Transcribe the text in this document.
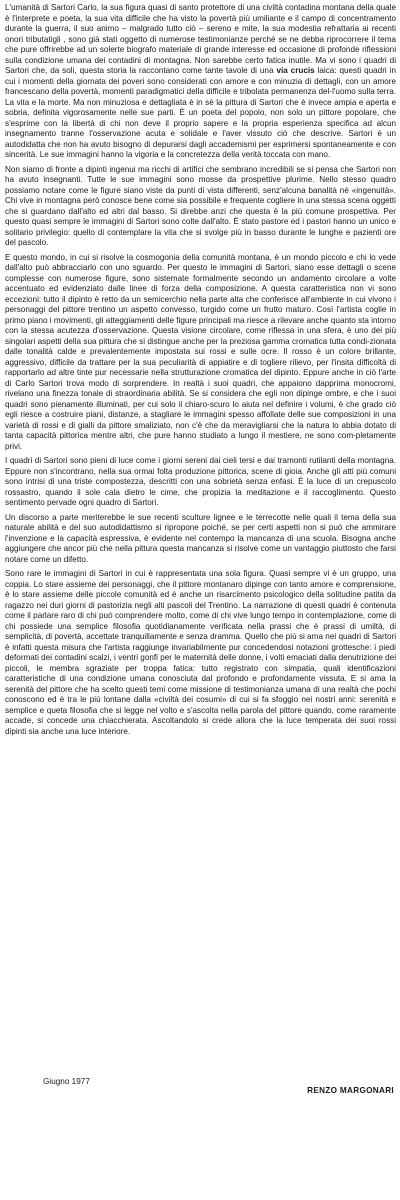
L'umanità di Sartori Carlo, la sua figura quasi di santo protettore di una civiltà contadina montana della quale è l'interprete e poeta, la sua vita difficile che ha visto la povertà più umiliante e il campo di concentramento durante la guerra, il suo animo – malgrado tutto ciò – sereno e mite, la sua modestia refrattaria ai recenti onori tributatigli , sono già stati oggetto di numerose testimonianze perché se ne debba riprocorrere il tema che pure offrirebbe ad un solerte biografo materiale di grande interesse ed occasione di profonde riflessioni sulla condizione umana dei contadini di montagna. Non sarebbe certo fatica inutile. Ma vi sono i quadri di Sartori che, da soli, questa storia la raccontano come tante tavole di una via crucis laica: questi quadri in cui i momenti della giornata dei poveri sono considerati con amore e con minuzia di dettagli, con un amore francescano della povertà, momenti paradigmatici della difficile e tribolata permanenza del-l'uomo sulla terra. La vita e la morte. Ma non minuziosa e dettagliata è in sè la pittura di Sartori che è invece ampia e aperta e sobria, definita vigorosamente nelle sue parti. È un poeta del popolo, non solo un pittore popolare, che s'esprime con la libertà di chi non deve il proprio sapere e la propria esperienza specifica ad alcun insegnamento tranne l'osservazione acuta e solidale e l'aver vissuto ciò che descrive. Sartori è un autodidatta che non ha avuto bisogno di depurarsi dagli accademismi per esprimersi spontaneamente e con sincerità. Le sue immagini hanno la vigoria e la concretezza della verità toccata con mano.

Non siamo di fronte a dipinti ingenui ma ricchi di artifici che sembrano incredibili se si pensa che Sartori non ha avuto insegnanti. Tutte le sue immagini sono mosse da prospettive plurime. Nello stesso quadro possiamo notare come le figure siano viste da punti di vista differenti, senz'alcuna banalità nè «ingenuità». Chi vive in montagna però conosce bene come sia possibile e frequente cogliere in una stessa scena oggetti che si guardano dall'alto ed altri dal basso. Si direbbe anzi che questa è la più comune prospettiva. Per questo quasi sempre le immagini di Sartori sono colte dall'alto. È stato pastore ed i pastori hanno un unico e solitario privilegio: quello di contemplare la vita che si svolge più in basso durante le lunghe e pazienti ore del pascolo.

E questo mondo, in cui si risolve la cosmogonia della comunità montana, è un mondo piccolo e chi lo vede dall'alto può abbracciarlo con uno sguardo. Per questo le immagini di Sartori, siano esse dettagli o scene complesse con numerose figure, sono sistemate formalmente secondo un andamento circolare a volte accentuato ed evidenziato dalle linee di forza della composizione. A questa caratteristica non vi sono eccezioni: tutto il dipinto è retto da un semicerchio nella parte alta che conferisce all'ambiente in cui vivono i personaggi del pittore trentino un aspetto convesso, turgido come un frutto maturo. Così l'artista coglie in primo piano i movimenti, gli atteggiamenti delle figure principali ma riesce a rilevare anche quanto sta intorno con la stessa acutezza d'osservazione. Questa visione circolare, come riflessa in una sfera, è uno dei più singolari aspetti della sua pittura che si distingue anche per la preziosa gamma cromatica tutta condi-zionata dalle tonalità calde e prevalentemente impostata sui rossi e sulle ocre. Il rosso è un colore brillante, aggressivo, difficile da trattare per la sua peculiarità di appiatire e di togliere rilievo, per l'insita difficoltà di rapportarlo ad altre tinte pur necessarie nella strutturazione cromatica del dipinto. Eppure anche in ciò l'arte di Carlo Sartori trova modo di sorprendere. In realtà i suoi quadri, che appaiono dapprima monocromi, rivelano una finezza tonale di straordinaria abilità. Se si considera che egli non dipinge ombre, e che i suoi quadri sono pienamente illuminati, per cui solo il chiaro-scuro lo aiuta nel definire i volumi, è che grado ciò egli riesce a costruire piani, distanze, a stagliare le immagini spesso affollate delle sue composizioni in una varietà di rossi e di gialli da pittore smaliziato, non c'è che da meravigliarsi che la natura lo abbia dotato di tanta capacità pittorica mentre altri, che pure hanno studiato a lungo il mestiere, ne sono com-pletamente privi.

I quadri di Sartori sono pieni di luce come i giorni sereni dai cieli tersi e dai tramonti rutilanti della montagna. Eppure non s'incontrano, nella sua ormai folta produzione pittorica, scene di gioia. Anche gli atti più comuni sono intrisi di una triste compostezza, descritti con una sobrietà senza enfasi. È la luce di un crepuscolo rossastro, quando il sole cala dietro le cime, che propizia la meditazione e il raccoglimento. Questo sentimento pervade ogni quadro di Sartori.

Un discorso a parte meriterebbe le sue recenti sculture lignee e le terrecotte nelle quali il tema della sua naturale abilità e del suo autodidattismo si ripropone poiché, se per certi aspetti non si può che ammirare l'invenzione e la capacità espressiva, è evidente nel contempo la mancanza di una scuola. Bisogna anche aggiungere che ancor più che nella pittura questa mancanza si risolve come un vantaggio piuttosto che farsi notare come un difetto.

Sono rare le immagini di Sartori in cui è rappresentata una sola figura. Quasi sempre vi è un gruppo, una coppia. Lo stare assieme dei personaggi, che il pittore montanaro dipinge con tanto amore e comprensione, è lo stare assieme delle piccole comunità ed è anche un risarcimento psicologico della solitudine patita da ragazzo nei duri giorni di pastorizia negli alti pascoli del Trentino. La narrazione di questi quadri è contenuta come il parlare raro di chi può comprendere molto, come di chi vive lungo tempo in contemplazione, come di chi possiede una semplice filosofia quotidianamente verificata nella prassi che è prassi di umiltà, di semplicità, di povertà, accettate tranquillamente e senza dramma. Quello che più si ama nei quadri di Sartori è infatti questa misura che l'artista raggiunge invariabilmente pur concedendosi notazioni grottesche: i piedi deformati dei contadini scalzi, i ventri gonfi per le maternità delle donne, i volti emaciati dalla denutrizione dei piccoli, le membra sgraziate per troppa fatica: tutto registrato con simpatia, quali identificazioni caratteristiche di una condizione umana conosciuta dal profondo e profondamente vissuta. E si ama la serenità del pittore che ha scelto questi temi come missione di testimonianza umana di una realtà che pochi conoscono ed è tra le più lontane dalla «civiltà dei cosumi» di cui si fa sfoggio nei nostri anni: serenità e semplice e queta filosofia che si legge nel volto e s'ascolta nella parola del pittore quando, come raramente accade, si concede una chiacchierata. Ascoltandolo si crede allora che la luce temperata dei suoi rossi dipinti sia anche una luce interiore.

Giugno 1977
RENZO MARGONARI
